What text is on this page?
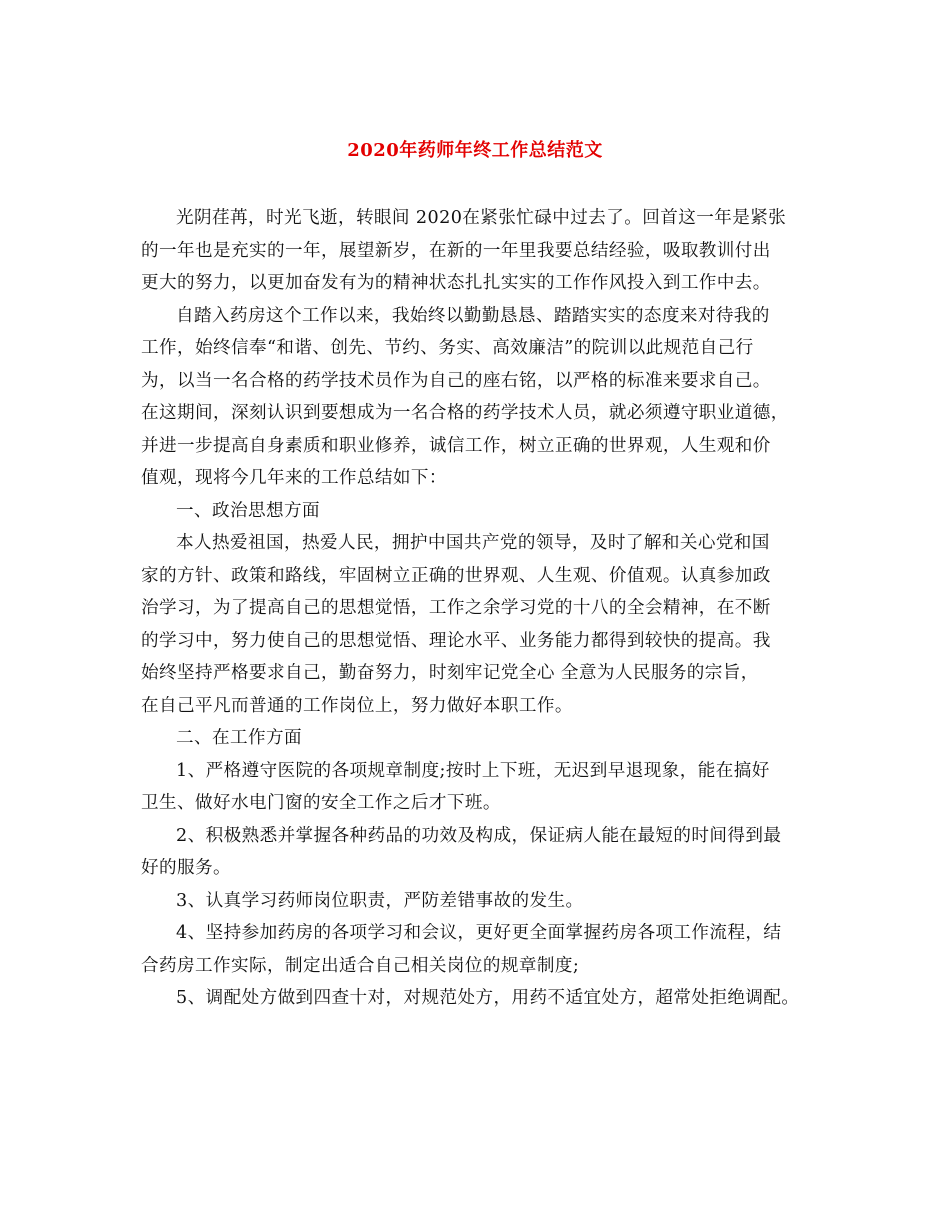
2020年药师年终工作总结范文
光阴荏苒，时光飞逝，转眼间 2020在紧张忙碌中过去了。回首这一年是紧张
的一年也是充实的一年，展望新岁，在新的一年里我要总结经验，吸取教训付出
更大的努力，以更加奋发有为的精神状态扎扎实实的工作作风投入到工作中去。
自踏入药房这个工作以来，我始终以勤勤恳恳、踏踏实实的态度来对待我的
工作，始终信奉“和谐、创先、节约、务实、高效廉洁”的院训以此规范自己行
为，以当一名合格的药学技术员作为自己的座右铭，以严格的标准来要求自己。
在这期间，深刻认识到要想成为一名合格的药学技术人员，就必须遵守职业道德，
并进一步提高自身素质和职业修养，诚信工作，树立正确的世界观，人生观和价
值观，现将今几年来的工作总结如下：
一、政治思想方面
本人热爱祖国，热爱人民，拥护中国共产党的领导，及时了解和关心党和国
家的方针、政策和路线，牢固树立正确的世界观、人生观、价值观。认真参加政
治学习，为了提高自己的思想觉悟，工作之余学习党的十八的全会精神，在不断
的学习中，努力使自己的思想觉悟、理论水平、业务能力都得到较快的提高。我
始终坚持严格要求自己，勤奋努力，时刻牢记党全心 全意为人民服务的宗旨，
在自己平凡而普通的工作岗位上，努力做好本职工作。
二、在工作方面
1、严格遵守医院的各项规章制度;按时上下班，无迟到早退现象，能在搞好
卫生、做好水电门窗的安全工作之后才下班。
2、积极熟悉并掌握各种药品的功效及构成，保证病人能在最短的时间得到最
好的服务。
3、认真学习药师岗位职责，严防差错事故的发生。
4、坚持参加药房的各项学习和会议，更好更全面掌握药房各项工作流程，结
合药房工作实际，制定出适合自己相关岗位的规章制度;
5、调配处方做到四查十对，对规范处方，用药不适宜处方，超常处拒绝调配。
